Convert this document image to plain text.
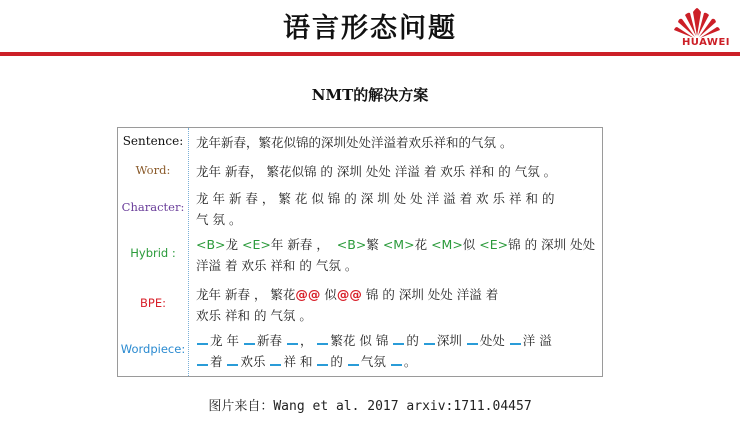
语言形态问题	HUAWEI
NMT的解决方案
Sentence:	龙年新春，繁花似锦的深圳处处洋溢着欢乐祥和的气氛 。
Word:	龙年 新春， 繁花似锦 的 深圳 处处 洋溢 着 欢乐 祥和 的 气氛 。
Character:
龙 年 新 春 ， 繁 花 似 锦 的 深 圳 处 处 洋 溢 着 欢 乐 祥 和 的
气 氛 。
Hybrid :
<B>龙 <E>年 新春 ， <B>繁 <M>花 <M>似 <E>锦 的 深圳 处处
洋溢 着 欢乐 祥和 的 气氛 。
BPE:
龙年 新春 ， 繁花@@ 似@@ 锦 的 深圳 处处 洋溢 着
欢乐 祥和 的 气氛 。
Wordpiece:
龙 年 新春 ， 繁花 似 锦 的 深圳 处处 洋 溢
着 欢乐 祥 和 的 气氛 。
图片来自：Wang et al. 2017 arxiv:1711.04457
